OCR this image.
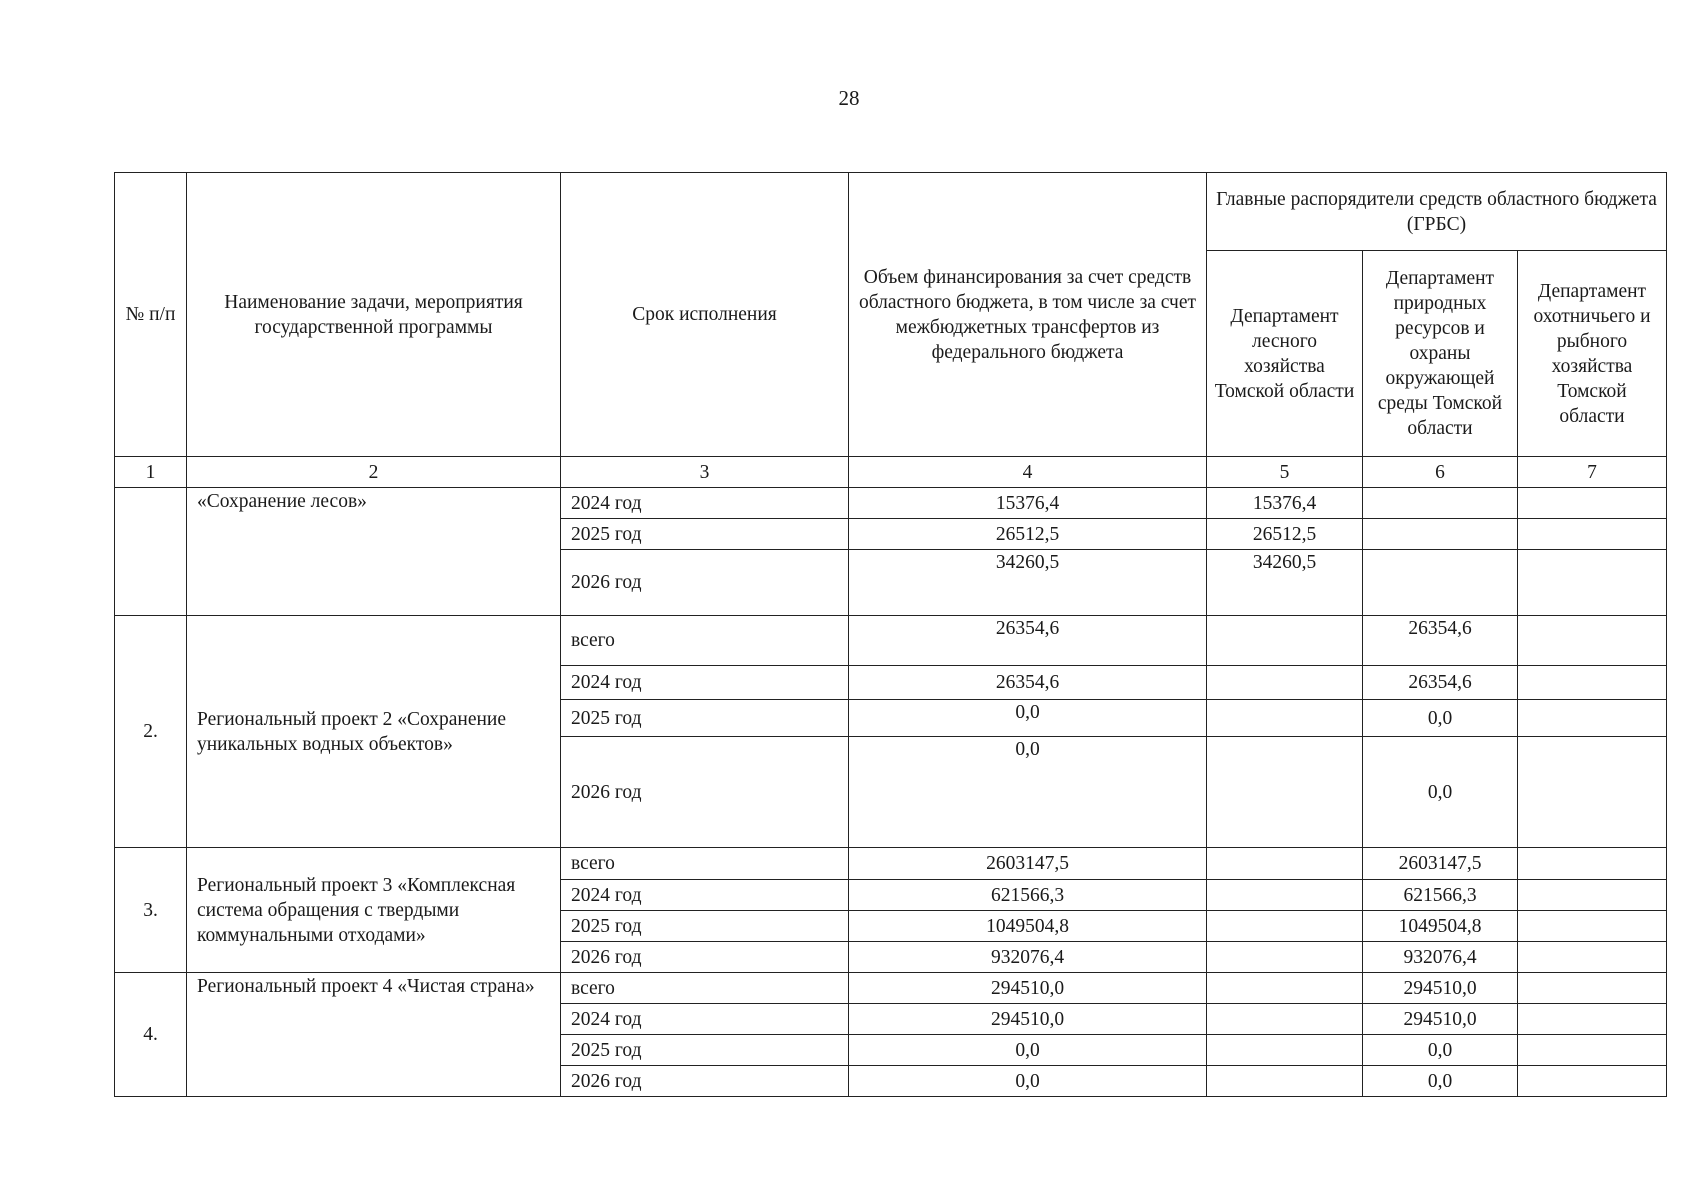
28
№ п/п	Наименование задачи, мероприятия государственной программы	Срок исполнения	Объем финансирования за счет средств областного бюджета, в том числе за счет межбюджетных трансфертов из федерального бюджета	Главные распорядители средств областного бюджета (ГРБС)		
				Департамент лесного хозяйства Томской области	Департамент природных ресурсов и охраны окружающей среды Томской области	Департамент охотничьего и рыбного хозяйства Томской области
1	2	3	4	5	6	7
	«Сохранение лесов»	2024 год	15376,4	15376,4		
		2025 год	26512,5	26512,5		
		2026 год	34260,5	34260,5		
2.	Региональный проект 2 «Сохранение уникальных водных объектов»	всего	26354,6		26354,6	
		2024 год	26354,6		26354,6	
		2025 год	0,0		0,0	
		2026 год	0,0		0,0	
3.	Региональный проект 3 «Комплексная система обращения с твердыми коммунальными отходами»	всего	2603147,5		2603147,5	
		2024 год	621566,3		621566,3	
		2025 год	1049504,8		1049504,8	
		2026 год	932076,4		932076,4	
4.	Региональный проект 4 «Чистая страна»	всего	294510,0		294510,0	
		2024 год	294510,0		294510,0	
		2025 год	0,0		0,0	
		2026 год	0,0		0,0	
